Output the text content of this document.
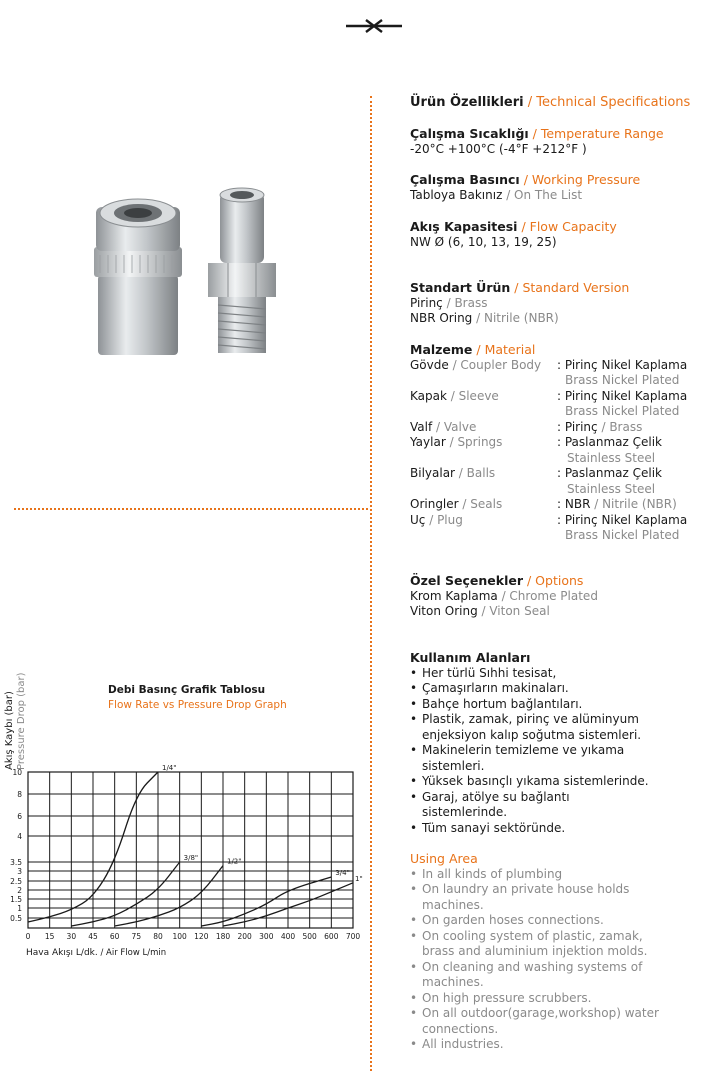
Ürün Özellikleri / Technical Specifications
Çalışma Sıcaklığı / Temperature Range
-20°C +100°C (-4°F +212°F )
Çalışma Basıncı / Working Pressure
Tabloya Bakınız / On The List
Akış Kapasitesi / Flow Capacity
NW Ø (6, 10, 13, 19, 25)
Standart Ürün / Standard Version
Pirinç / Brass
NBR Oring / Nitrile (NBR)
Malzeme / Material
Gövde / Coupler Body : Pirinç Nikel Kaplama
Brass Nickel Plated
Kapak / Sleeve	: Pirinç Nikel Kaplama
Brass Nickel Plated
Valf / Valve	: Pirinç / Brass
Yaylar / Springs	: Paslanmaz Çelik
Stainless Steel
Bilyalar / Balls	: Paslanmaz Çelik
Stainless Steel
Oringler / Seals	: NBR / Nitrile (NBR)
Uç / Plug	: Pirinç Nikel Kaplama
Brass Nickel Plated
Özel Seçenekler / Options
Krom Kaplama / Chrome Plated
Viton Oring / Viton Seal
Kullanım Alanları
• Her türlü Sıhhi tesisat,
• Çamaşırların makinaları.
• Bahçe hortum bağlantıları.
• Plastik, zamak, pirinç ve alüminyum enjeksiyon kalıp soğutma sistemleri.
• Makinelerin temizleme ve yıkama sistemleri.
• Yüksek basınçlı yıkama sistemlerinde.
• Garaj, atölye su bağlantı sistemlerinde.
• Tüm sanayi sektöründe.
Using Area
• In all kinds of plumbing
• On laundry an private house holds machines.
• On garden hoses connections.
• On cooling system of plastic, zamak, brass and aluminium injektion molds.
• On cleaning and washing systems of machines.
• On high pressure scrubbers.
• On all outdoor(garage,workshop) water connections.
• All industries.
Debi Basınç Grafik Tablosu
Flow Rate vs Pressure Drop Graph
Akış Kaybı (bar) Pressure Drop (bar)
Hava Akışı L/dk. / Air Flow L/min
0 15 30 45 60 75 80 100 120 180 200 300 400 500 600 700
0.5
1
1.5
2
2.5
3
3.5
4
6
8
10	1/4"
3/8"	1/2"
3/4"
1"
